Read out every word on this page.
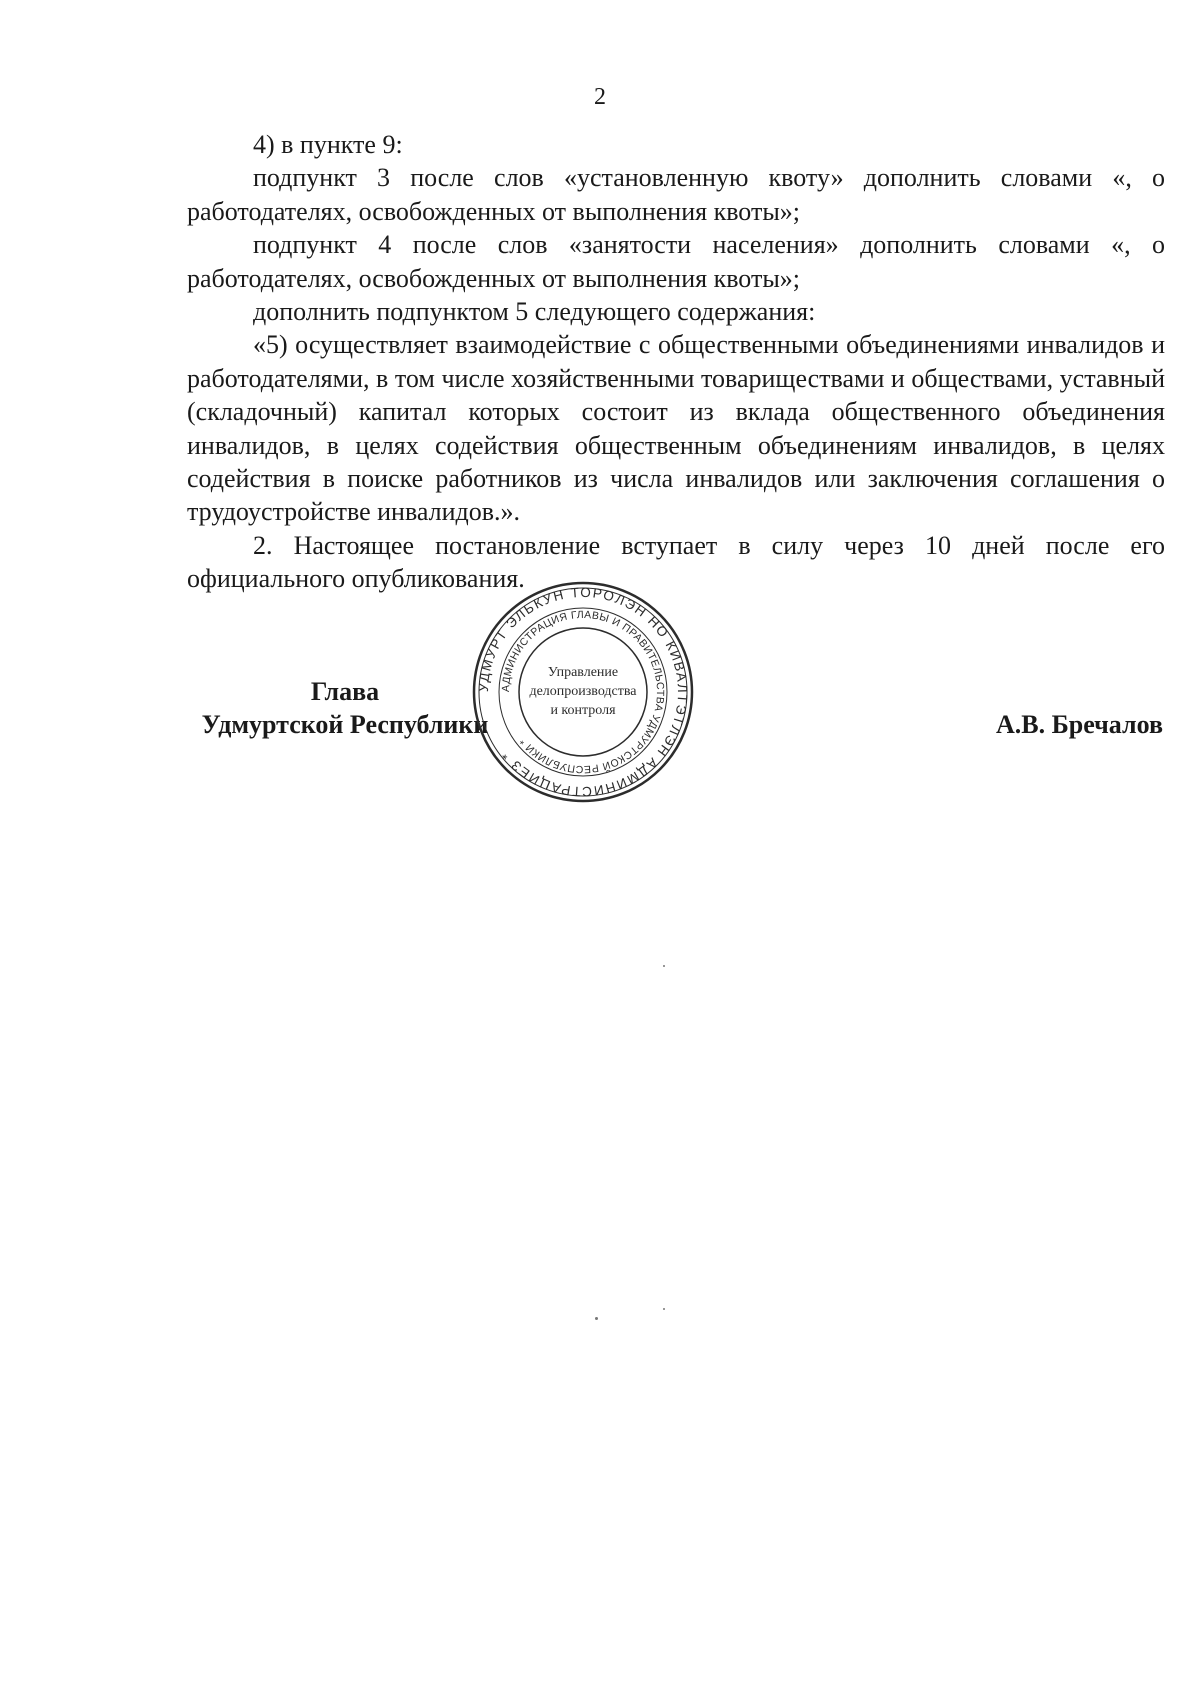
2

4) в пункте 9:

подпункт 3 после слов «установленную квоту» дополнить словами «, о работодателях, освобожденных от выполнения квоты»;

подпункт 4 после слов «занятости населения» дополнить словами «, о работодателях, освобожденных от выполнения квоты»;

дополнить подпунктом 5 следующего содержания:

«5) осуществляет взаимодействие с общественными объединениями инвалидов и работодателями, в том числе хозяйственными товариществами и обществами, уставный (складочный) капитал которых состоит из вклада общественного объединения инвалидов, в целях содействия общественным объединениям инвалидов, в целях содействия в поиске работников из числа инвалидов или заключения соглашения о трудоустройстве инвалидов.».

2. Настоящее постановление вступает в силу через 10 дней после его официального опубликования.

Глава
Удмуртской Республики
УДМУРТ ЭЛЬКУН ТОРОЛЭН НО КИВАЛТЭТЛЭН АДМИНИСТРАЦИЕЗ *
АДМИНИСТРАЦИЯ ГЛАВЫ И ПРАВИТЕЛЬСТВА УДМУРТСКОЙ РЕСПУБЛИКИ *
Управление
делопроизводства
и контроля	А.В. Бречалов
